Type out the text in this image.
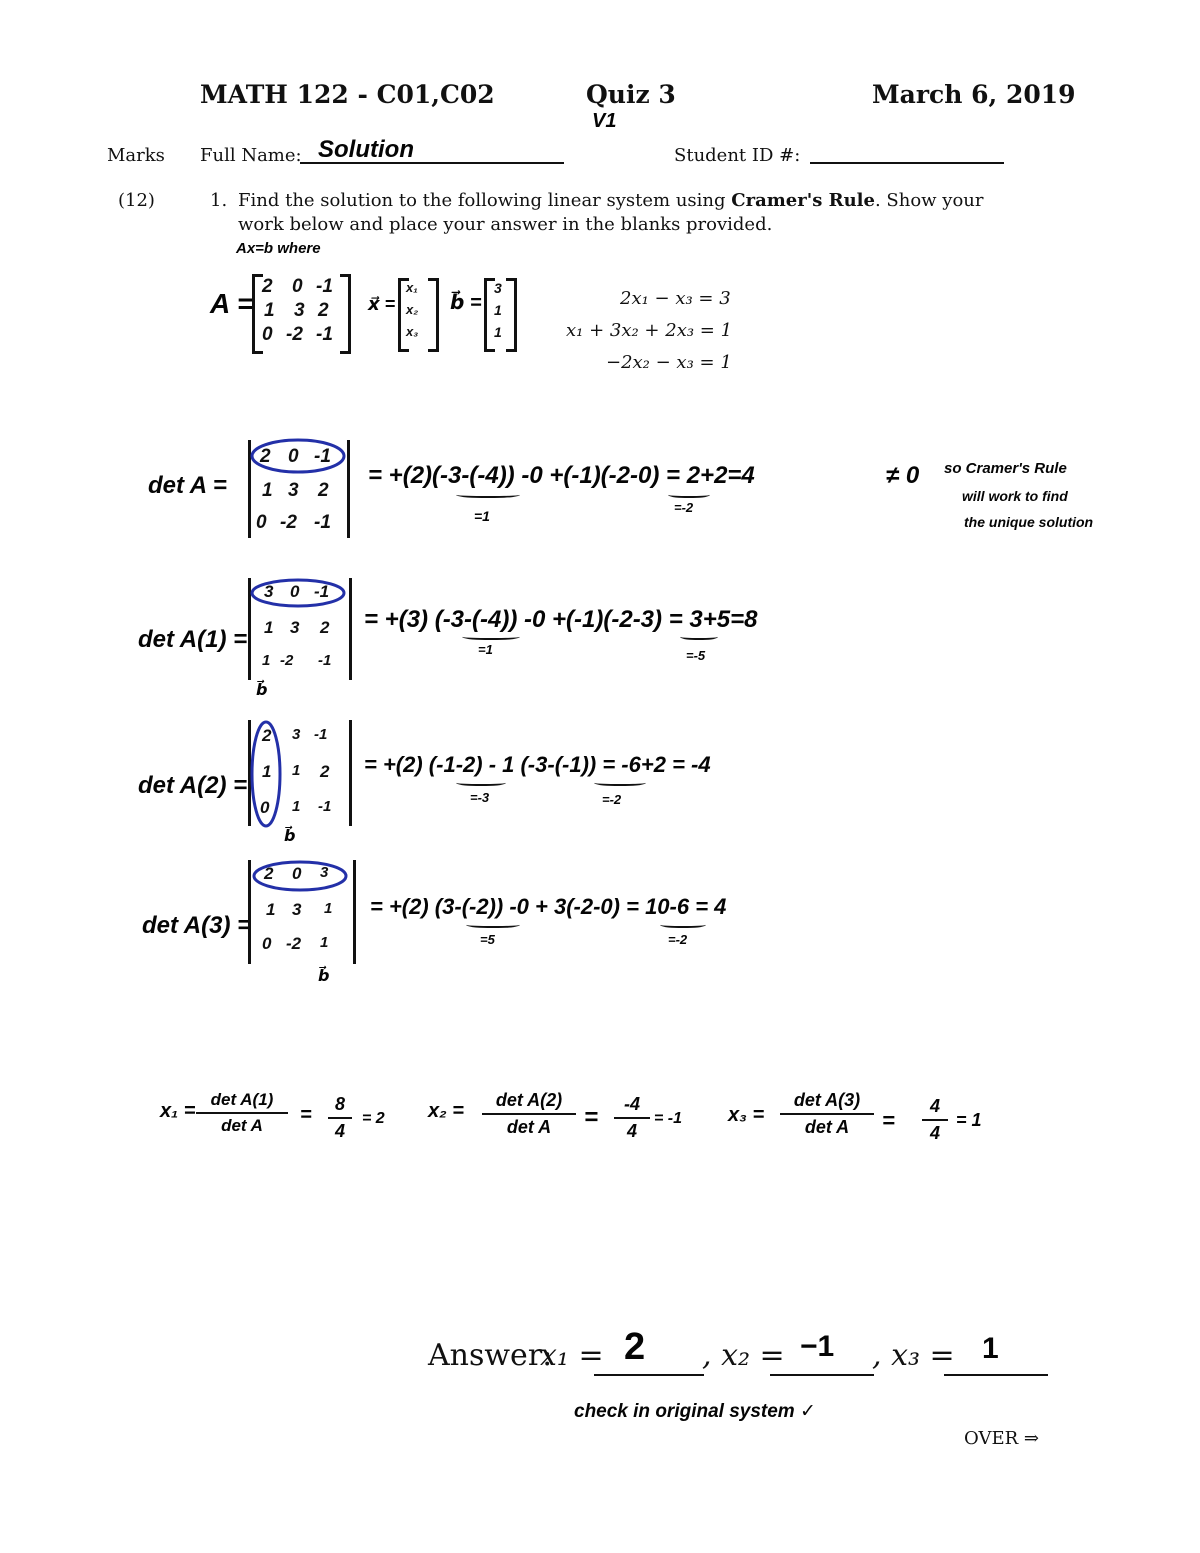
MATH 122 - C01,C02	Quiz 3
V1
March 6, 2019
Marks Full Name: Solution	Student ID #:
(12)	1. Find the solution to the following linear system using Cramer's Rule. Show your
work below and place your answer in the blanks provided.
Ax=b where
A =
2 0 -1
1 3 2
0 -2 -1
x⃗ =
x₁
x₂
x₃
b⃗ =
3
1
1
2x₁ − x₃ = 3
x₁ + 3x₂ + 2x₃ = 1
−2x₂ − x₃ = 1
det A =
2 0 -1
1 3 2
0 -2 -1
= +(2)(-3-(-4)) -0 +(-1)(-2-0) = 2+2=4
=1
=-2
≠ 0 so Cramer's Rule
will work to find
the unique solution
det A(1) =
3 0 -1
1 3 2
1 -2 -1
b⃗
= +(3) (-3-(-4)) -0 +(-1)(-2-3) = 3+5=8
=1	=-5
det A(2) =
2 3 -1
1 1 2
0 1 -1
b⃗
= +(2) (-1-2) - 1 (-3-(-1)) = -6+2 = -4
=-3	=-2
det A(3) =
2 0 3
1 3 1
0 -2 1
b⃗
= +(2) (3-(-2)) -0 + 3(-2-0) = 10-6 = 4
=5	=-2
x₁ =
det A(1)
det A	= $\frac{8}{4} = 2$ x₂ =	det A(2)
det A	= $\frac{-4}{4} = -1$ x₃ =
det A(3)
det A	= $\frac{4}{4} = 1$
Answer:
x₁ = 2 , x₂ = −1 , x₃ = 1
check in original system ✓
OVER ⇒
